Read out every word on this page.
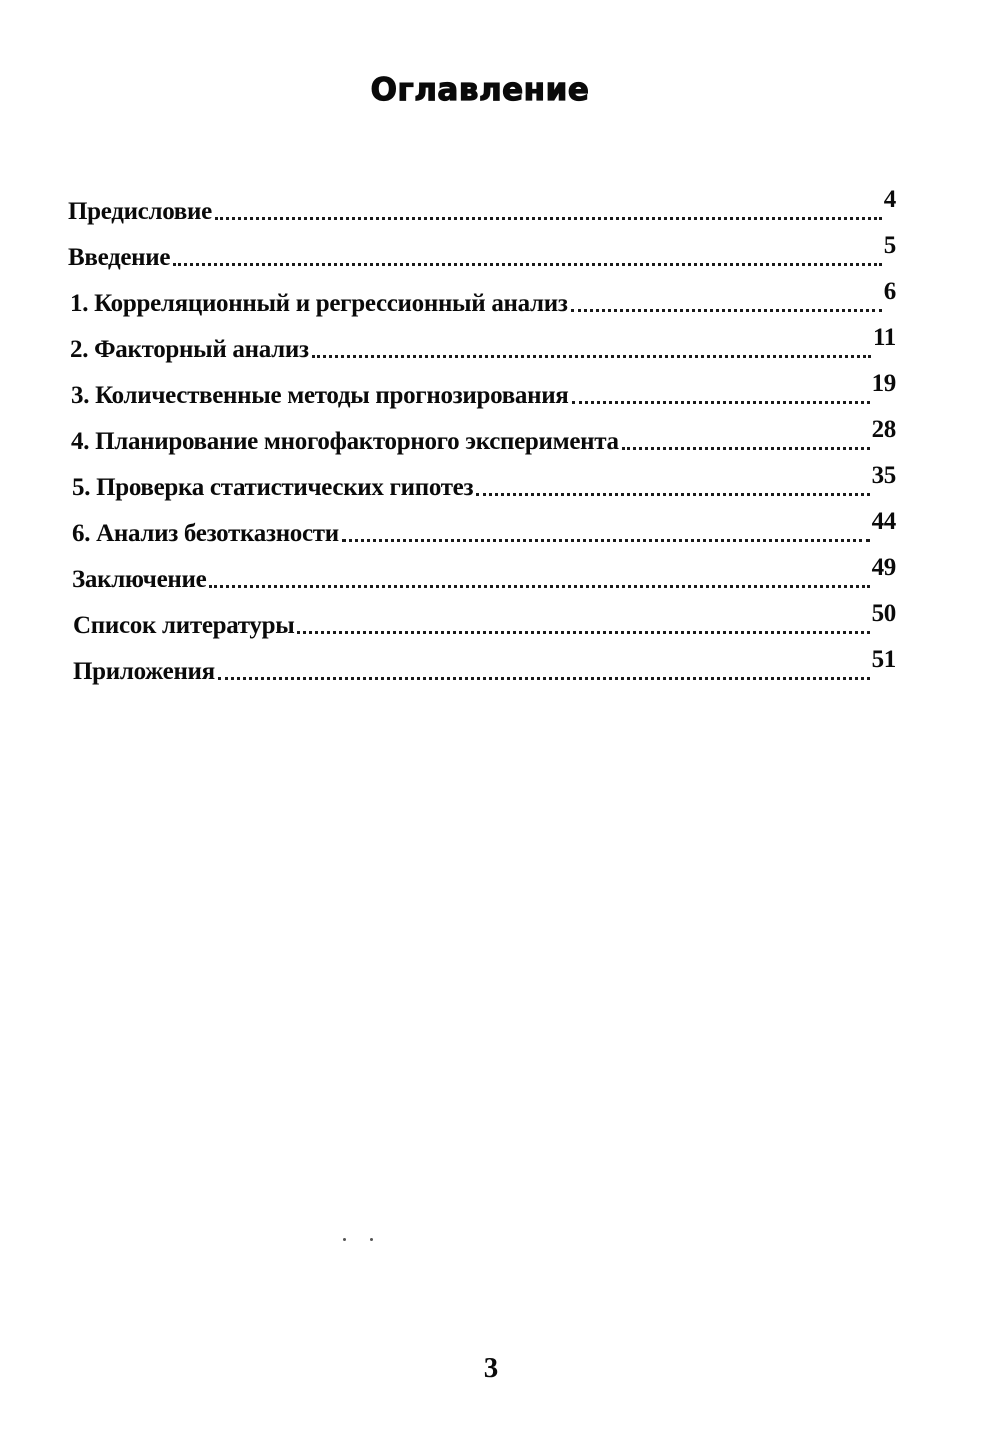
Оглавление
Предисловие	4
Введение	5
1. Корреляционный и регрессионный анализ	6
2. Факторный анализ	11
3. Количественные методы прогнозирования	19
4. Планирование многофакторного эксперимента	28
5. Проверка статистических гипотез	35
6. Анализ безотказности	44
Заключение	49
Список литературы	50
Приложения	51
3
